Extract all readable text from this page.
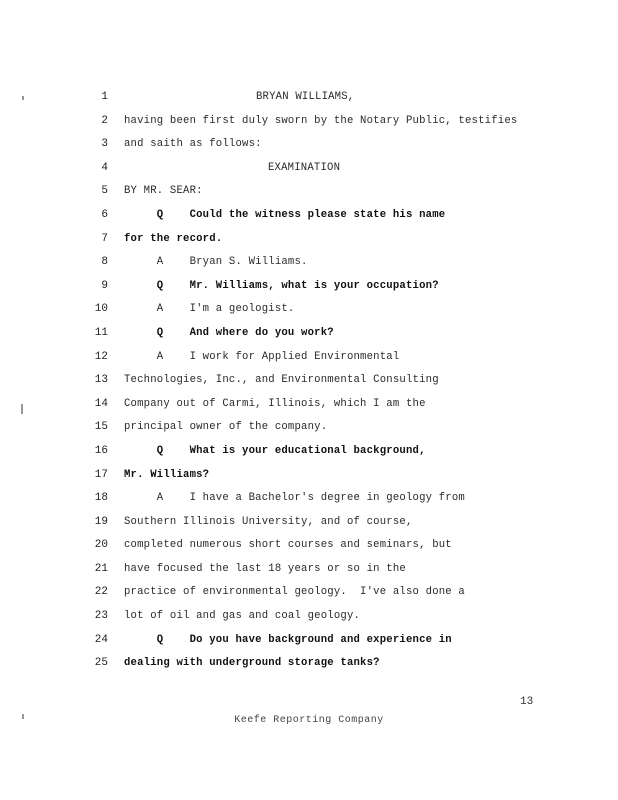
1	BRYAN WILLIAMS,
2 having been first duly sworn by the Notary Public, testifies
3 and saith as follows:
4	EXAMINATION
5 BY MR. SEAR:
6 Q    Could the witness please state his name
7 for the record.
8 A    Bryan S. Williams.
9 Q    Mr. Williams, what is your occupation?
10 A    I'm a geologist.
11 Q    And where do you work?
12 A    I work for Applied Environmental
13 Technologies, Inc., and Environmental Consulting
14 Company out of Carmi, Illinois, which I am the
15 principal owner of the company.
16 Q    What is your educational background,
17 Mr. Williams?
18 A    I have a Bachelor's degree in geology from
19 Southern Illinois University, and of course,
20 completed numerous short courses and seminars, but
21 have focused the last 18 years or so in the
22 practice of environmental geology.  I've also done a
23 lot of oil and gas and coal geology.
24 Q    Do you have background and experience in
25 dealing with underground storage tanks?
13
Keefe Reporting Company
